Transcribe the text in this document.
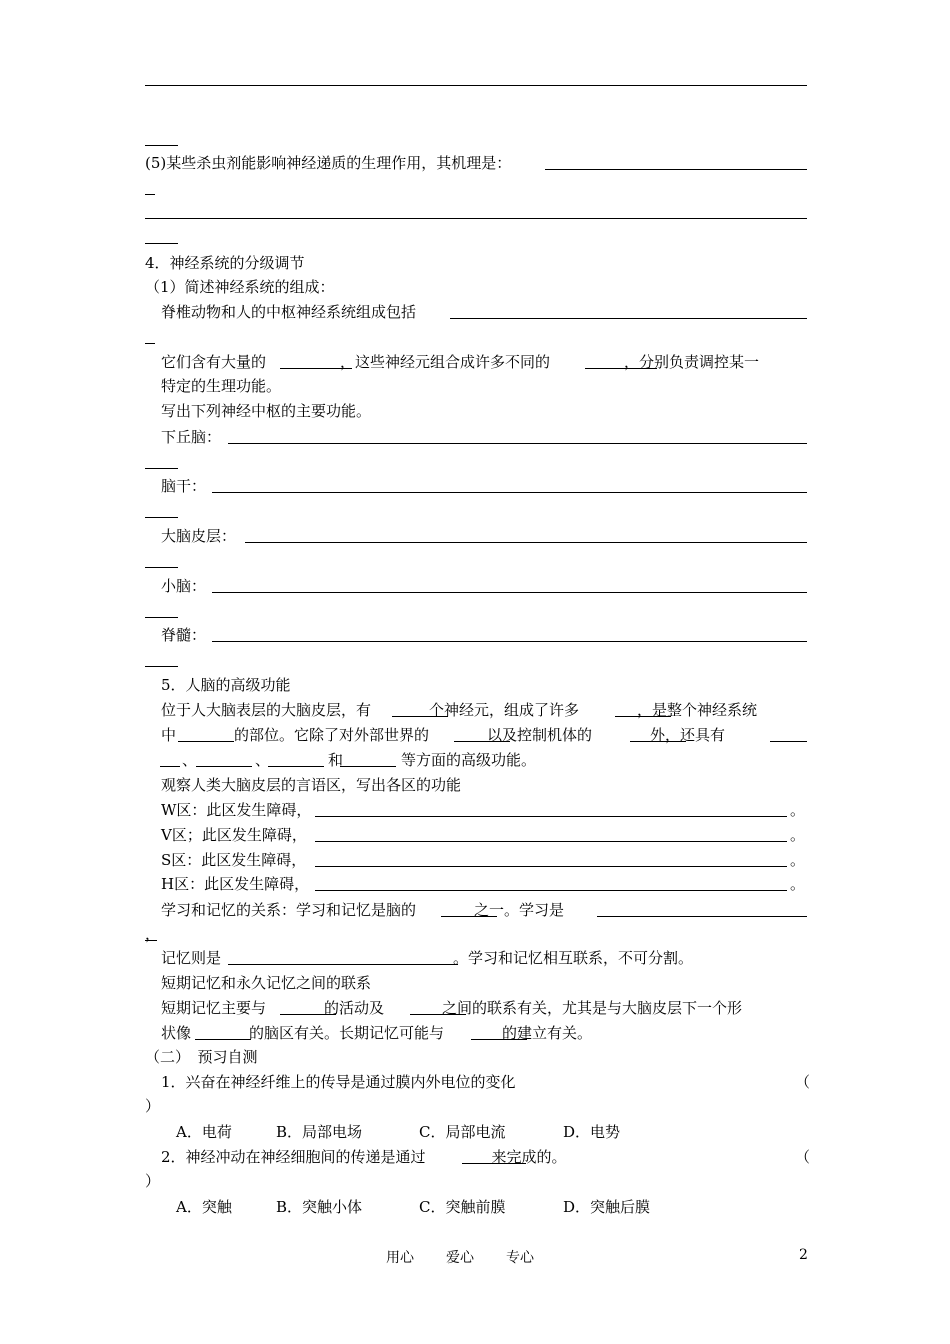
(5)某些杀虫剂能影响神经递质的生理作用，其机理是：
4．神经系统的分级调节
（1）简述神经系统的组成：
脊椎动物和人的中枢神经系统组成包括
它们含有大量的	，这些神经元组合成许多不同的	，分别负责调控某一
特定的生理功能。
写出下列神经中枢的主要功能。
下丘脑：
脑干：
大脑皮层：
小脑：
脊髓：
5．人脑的高级功能
位于人大脑表层的大脑皮层，有	个神经元，组成了许多	，是整个神经系统
中	的部位。它除了对外部世界的	以及控制机体的	外，还具有
、	、	和	等方面的高级功能。
观察人类大脑皮层的言语区，写出各区的功能
W区：此区发生障碍，	。
V区；此区发生障碍，	。
S区：此区发生障碍，	。
H区：此区发生障碍，	。
学习和记忆的关系：学习和记忆是脑的	之一。学习是
，
记忆则是	。学习和记忆相互联系，不可分割。
短期记忆和永久记忆之间的联系
短期记忆主要与	的活动及	之间的联系有关，尤其是与大脑皮层下一个形
状像	的脑区有关。长期记忆可能与	的建立有关。
（二）　预习自测
1．兴奋在神经纤维上的传导是通过膜内外电位的变化	（
）
A．电荷	B．局部电场	C．局部电流	D．电势
2．神经冲动在神经细胞间的传递是通过	来完成的。	（
）
A．突触	B．突触小体	C．突触前膜	D．突触后膜
用心 爱心 专心	2
